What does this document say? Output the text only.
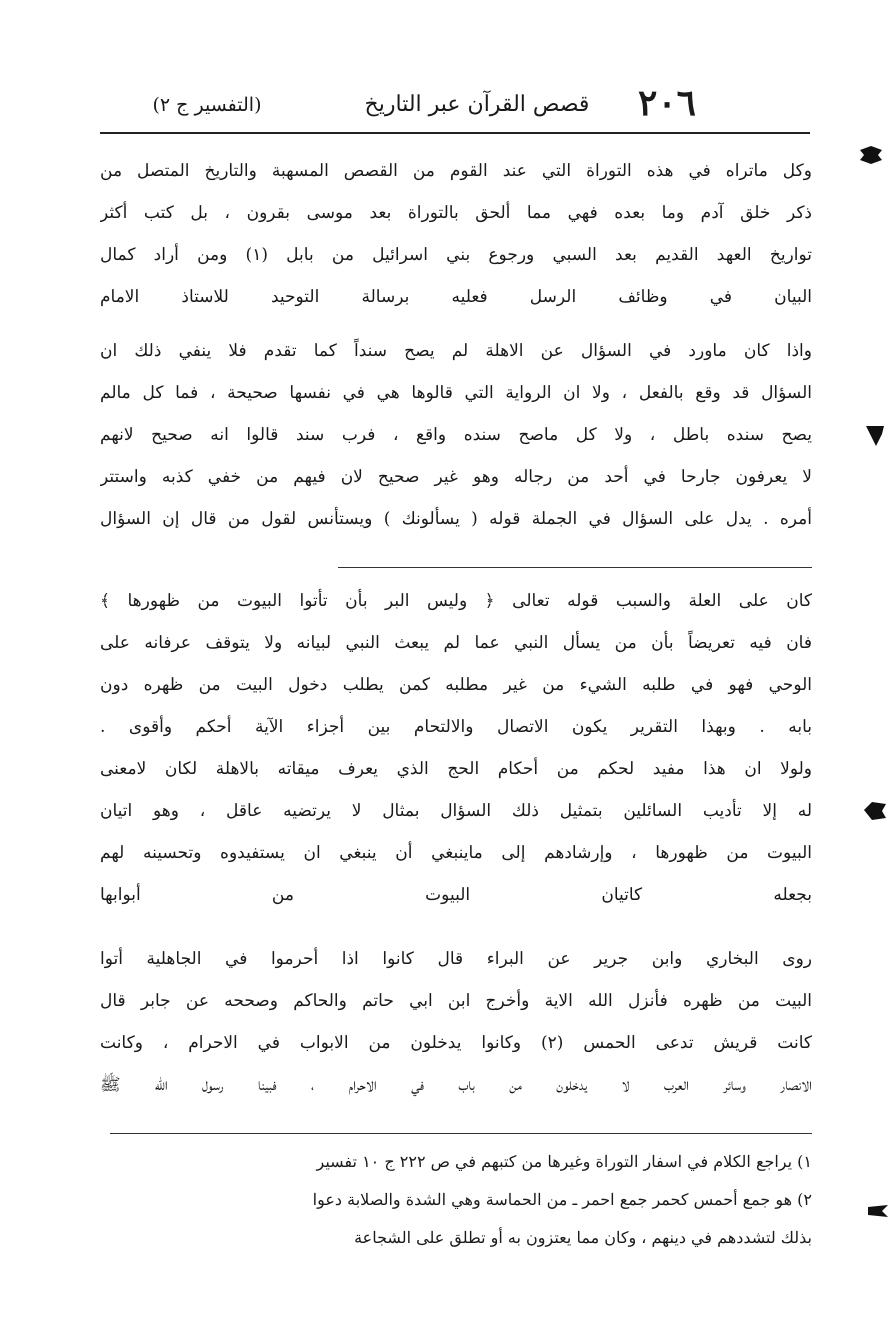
٢٠٦
قصص القرآن عبر التاريخ
(التفسير ج ٢)
وكل ماتراه في هذه التوراة التي عند القوم من القصص المسهبة والتاريخ المتصل من
ذكر خلق آدم وما بعده فهي مما ألحق بالتوراة بعد موسى بقرون ، بل كتب أكثر
تواريخ العهد القديم بعد السبي ورجوع بني اسرائيل من بابل (١) ومن أراد كمال
البيان في وظائف الرسل فعليه برسالة التوحيد للاستاذ الامام
واذا كان ماورد في السؤال عن الاهلة لم يصح سنداً كما تقدم فلا ينفي ذلك ان
السؤال قد وقع بالفعل ، ولا ان الرواية التي قالوها هي في نفسها صحيحة ، فما كل مالم
يصح سنده باطل ، ولا كل ماصح سنده واقع ، فرب سند قالوا انه صحيح لانهم
لا يعرفون جارحا في أحد من رجاله وهو غير صحيح لان فيهم من خفي كذبه واستتر
أمره . يدل على السؤال في الجملة قوله ( يسألونك ) ويستأنس لقول من قال إن السؤال
كان على العلة والسبب قوله تعالى ﴿ وليس البر بأن تأتوا البيوت من ظهورها ﴾
فان فيه تعريضاً بأن من يسأل النبي عما لم يبعث النبي لبيانه ولا يتوقف عرفانه على
الوحي فهو في طلبه الشيء من غير مطلبه كمن يطلب دخول البيت من ظهره دون
بابه . وبهذا التقرير يكون الاتصال والالتحام بين أجزاء الآية أحكم وأقوى .
ولولا ان هذا مفيد لحكم من أحكام الحج الذي يعرف ميقاته بالاهلة لكان لامعنى
له إلا تأديب السائلين بتمثيل ذلك السؤال بمثال لا يرتضيه عاقل ، وهو اتيان
البيوت من ظهورها ، وإرشادهم إلى ماينبغي أن ينبغي ان يستفيدوه وتحسينه لهم
بجعله كاتيان البيوت من أبوابها
روى البخاري وابن جرير عن البراء قال كانوا اذا أحرموا في الجاهلية أتوا
البيت من ظهره فأنزل الله الاية وأخرج ابن ابي حاتم والحاكم وصححه عن جابر قال
كانت قريش تدعى الحمس (٢) وكانوا يدخلون من الابواب في الاحرام ، وكانت
الانصار وسائر العرب لا يدخلون من باب في الاحرام ، فبينا رسول الله ﷺ
١) يراجع الكلام في اسفار التوراة وغيرها من كتبهم في ص ٢٢٢ ج ١٠ تفسير
٢) هو جمع أحمس كحمر جمع احمر ـ من الحماسة وهي الشدة والصلابة دعوا
بذلك لتشددهم في دينهم ، وكان مما يعتزون به أو تطلق على الشجاعة
